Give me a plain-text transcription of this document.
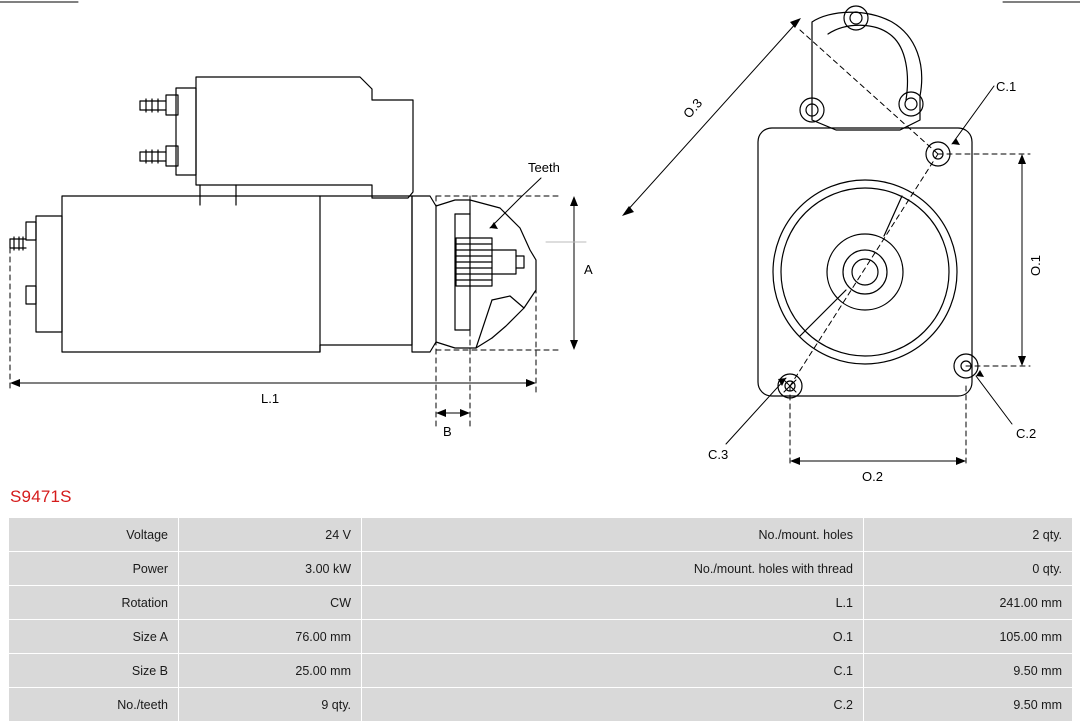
Teeth
A
B
L.1
O.1
O.2
O.3
C.1
C.2
C.3
S9471S
Voltage	24 V	No./mount. holes	2 qty.
Power	3.00 kW	No./mount. holes with thread	0 qty.
Rotation	CW	L.1	241.00 mm
Size A	76.00 mm	O.1	105.00 mm
Size B	25.00 mm	C.1	9.50 mm
No./teeth	9 qty.	C.2	9.50 mm
